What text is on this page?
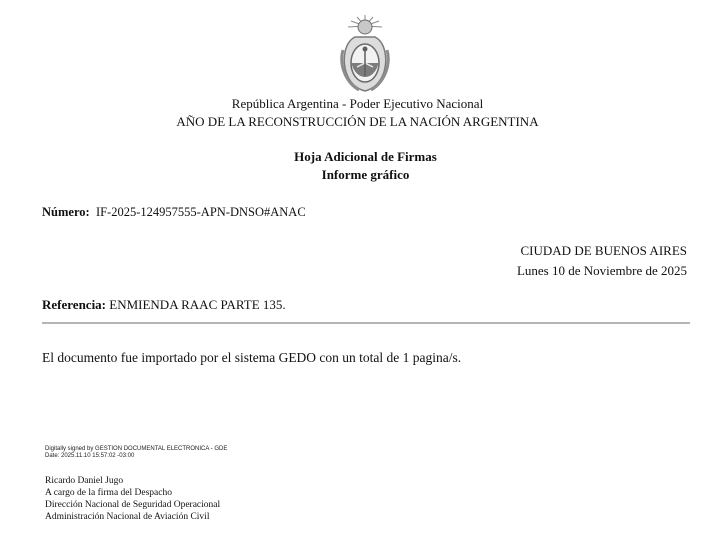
República Argentina - Poder Ejecutivo Nacional
AÑO DE LA RECONSTRUCCIÓN DE LA NACIÓN ARGENTINA
Hoja Adicional de Firmas
Informe gráfico
Número: IF-2025-124957555-APN-DNSO#ANAC
CIUDAD DE BUENOS AIRES
Lunes 10 de Noviembre de 2025
Referencia: ENMIENDA RAAC PARTE 135.
El documento fue importado por el sistema GEDO con un total de 1 pagina/s.
Digitally signed by GESTION DOCUMENTAL ELECTRONICA - GDE
Date: 2025.11.10 15:57:02 -03:00
Ricardo Daniel Jugo
A cargo de la firma del Despacho
Dirección Nacional de Seguridad Operacional
Administración Nacional de Aviación Civil
